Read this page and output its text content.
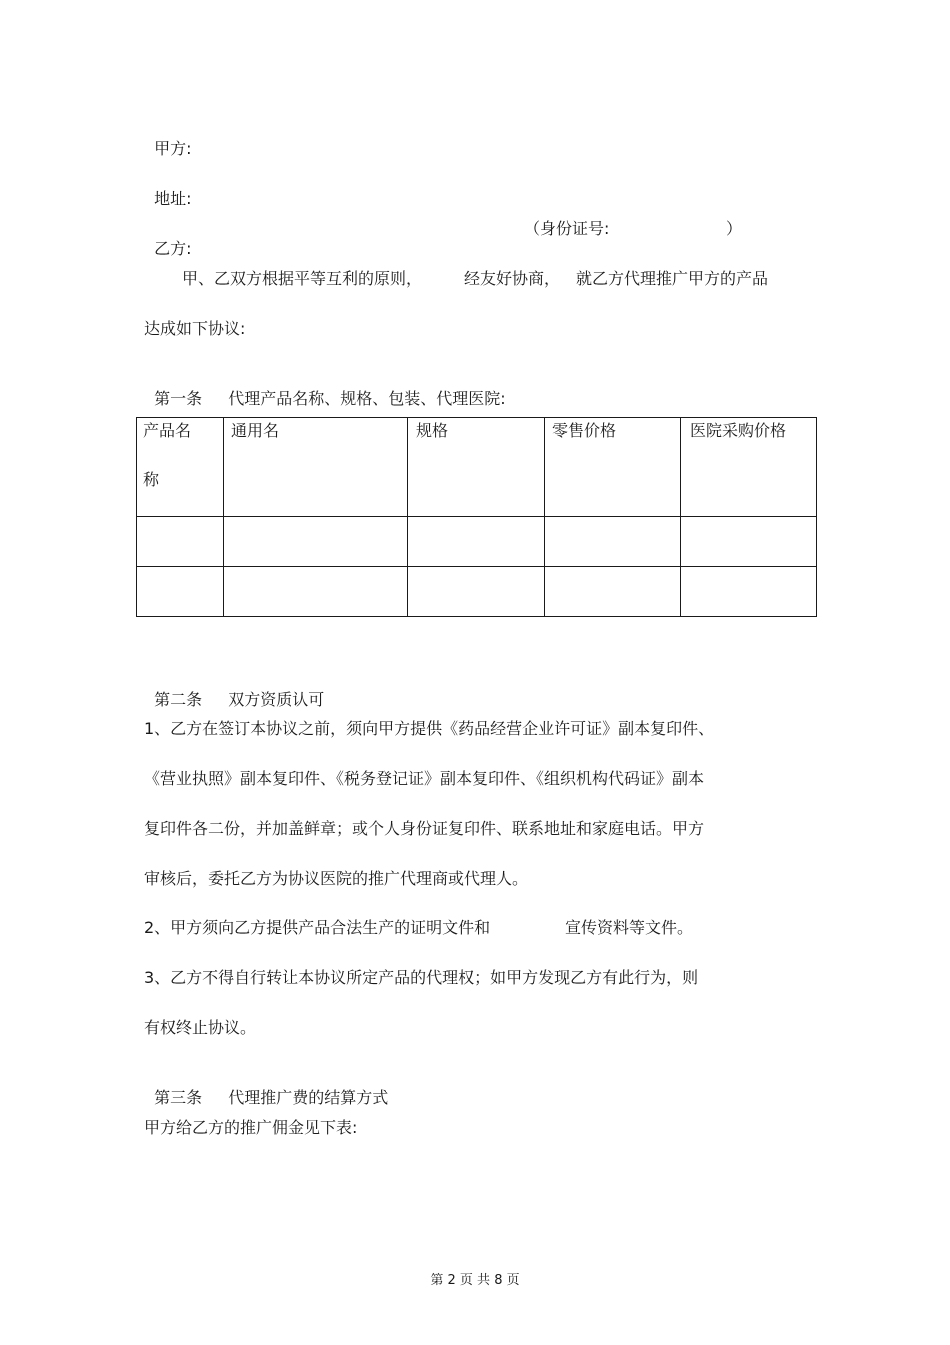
甲方:

地址:

乙方:

（身份证号:	）
甲、乙双方根据平等互利的原则，	经友好协商， 就乙方代理推广甲方的产品
达成如下协议:

第一条 代理产品名称、规格、包装、代理医院:

产品名
称	通用名	规格	零售价格	医院采购价格

第二条 双方资质认可

1、乙方在签订本协议之前，须向甲方提供《药品经营企业许可证》副本复印件、
《营业执照》副本复印件、《税务登记证》副本复印件、《组织机构代码证》副本
复印件各二份，并加盖鲜章；或个人身份证复印件、联系地址和家庭电话。甲方
审核后，委托乙方为协议医院的推广代理商或代理人。
2、甲方须向乙方提供产品合法生产的证明文件和	宣传资料等文件。
3、乙方不得自行转让本协议所定产品的代理权；如甲方发现乙方有此行为，则
有权终止协议。

第三条 代理推广费的结算方式

甲方给乙方的推广佣金见下表:
第 2 页 共 8 页
